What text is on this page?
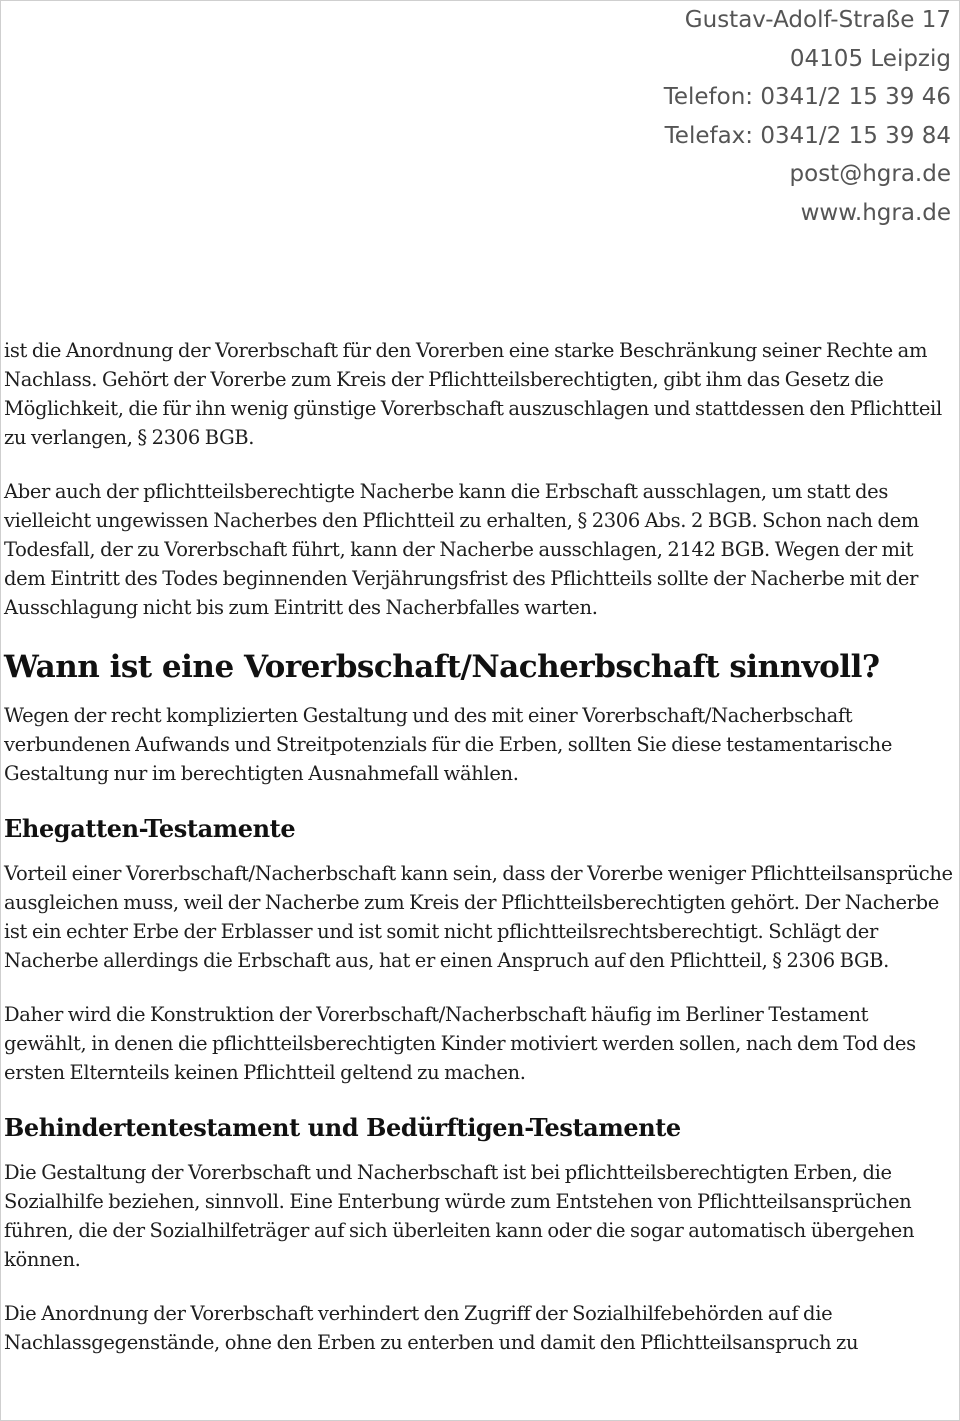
Gustav-Adolf-Straße 17
04105 Leipzig
Telefon: 0341/2 15 39 46
Telefax: 0341/2 15 39 84
post@hgra.de
www.hgra.de

ist die Anordnung der Vorerbschaft für den Vorerben eine starke Beschränkung seiner Rechte am Nachlass. Gehört der Vorerbe zum Kreis der Pflichtteilsberechtigten, gibt ihm das Gesetz die Möglichkeit, die für ihn wenig günstige Vorerbschaft auszuschlagen und stattdessen den Pflichtteil zu verlangen, § 2306 BGB.

Aber auch der pflichtteilsberechtigte Nacherbe kann die Erbschaft ausschlagen, um statt des vielleicht ungewissen Nacherbes den Pflichtteil zu erhalten, § 2306 Abs. 2 BGB. Schon nach dem Todesfall, der zu Vorerbschaft führt, kann der Nacherbe ausschlagen, 2142 BGB. Wegen der mit dem Eintritt des Todes beginnenden Verjährungsfrist des Pflichtteils sollte der Nacherbe mit der Ausschlagung nicht bis zum Eintritt des Nacherbfalles warten.

Wann ist eine Vorerbschaft/Nacherbschaft sinnvoll?

Wegen der recht komplizierten Gestaltung und des mit einer Vorerbschaft/Nacherbschaft verbundenen Aufwands und Streitpotenzials für die Erben, sollten Sie diese testamentarische Gestaltung nur im berechtigten Ausnahmefall wählen.

Ehegatten-Testamente

Vorteil einer Vorerbschaft/Nacherbschaft kann sein, dass der Vorerbe weniger Pflichtteilsansprüche ausgleichen muss, weil der Nacherbe zum Kreis der Pflichtteilsberechtigten gehört. Der Nacherbe ist ein echter Erbe der Erblasser und ist somit nicht pflichtteilsrechtsberechtigt. Schlägt der Nacherbe allerdings die Erbschaft aus, hat er einen Anspruch auf den Pflichtteil, § 2306 BGB.

Daher wird die Konstruktion der Vorerbschaft/Nacherbschaft häufig im Berliner Testament gewählt, in denen die pflichtteilsberechtigten Kinder motiviert werden sollen, nach dem Tod des ersten Elternteils keinen Pflichtteil geltend zu machen.

Behindertentestament und Bedürftigen-Testamente

Die Gestaltung der Vorerbschaft und Nacherbschaft ist bei pflichtteilsberechtigten Erben, die Sozialhilfe beziehen, sinnvoll. Eine Enterbung würde zum Entstehen von Pflichtteilsansprüchen führen, die der Sozialhilfeträger auf sich überleiten kann oder die sogar automatisch übergehen können.

Die Anordnung der Vorerbschaft verhindert den Zugriff der Sozialhilfebehörden auf die Nachlassgegenstände, ohne den Erben zu enterben und damit den Pflichtteilsanspruch zu
